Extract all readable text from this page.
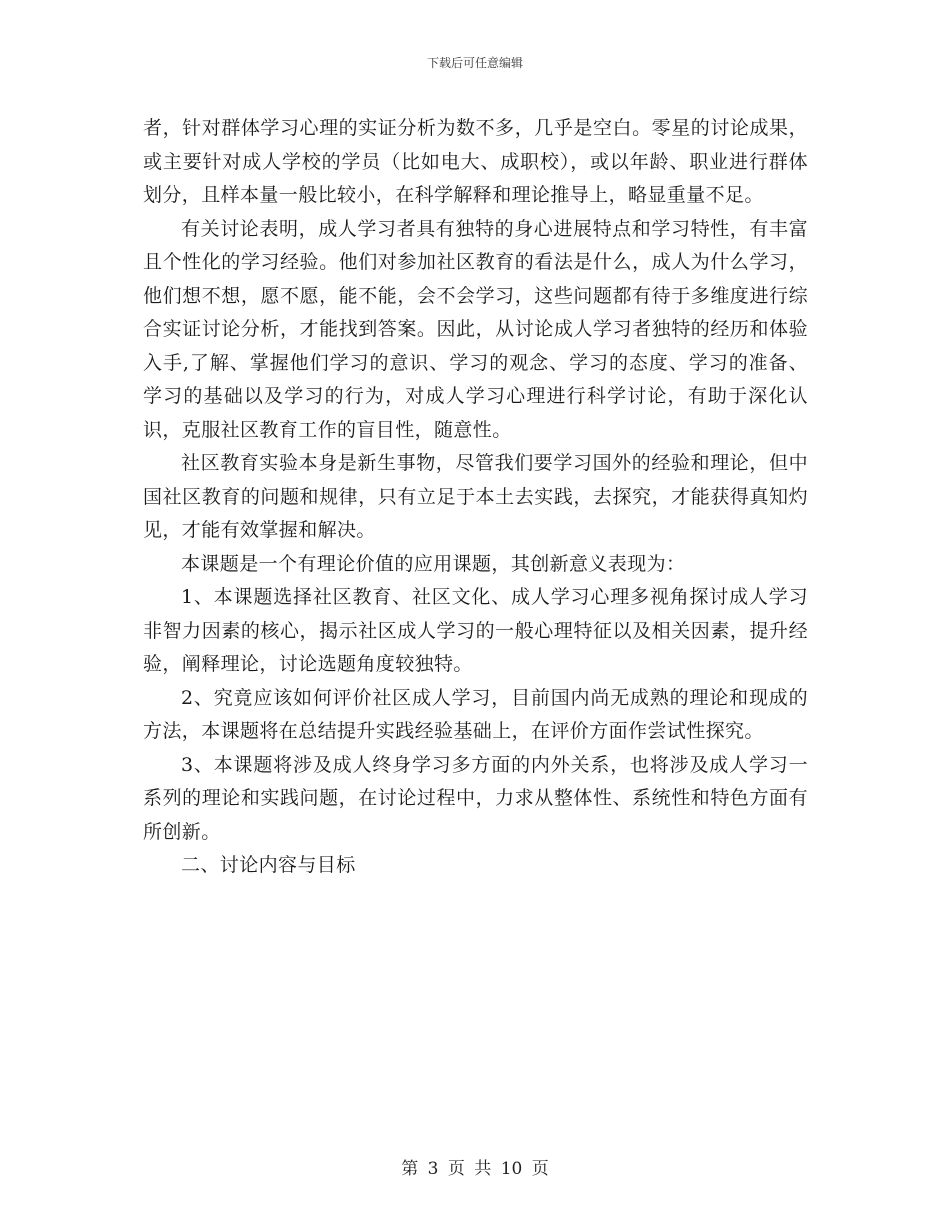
下载后可任意编辑

者，针对群体学习心理的实证分析为数不多，几乎是空白。零星的讨论成果，或主要针对成人学校的学员（比如电大、成职校），或以年龄、职业进行群体划分，且样本量一般比较小，在科学解释和理论推导上，略显重量不足。

有关讨论表明，成人学习者具有独特的身心进展特点和学习特性，有丰富且个性化的学习经验。他们对参加社区教育的看法是什么，成人为什么学习，他们想不想，愿不愿，能不能，会不会学习，这些问题都有待于多维度进行综合实证讨论分析，才能找到答案。因此，从讨论成人学习者独特的经历和体验入手,了解、掌握他们学习的意识、学习的观念、学习的态度、学习的准备、学习的基础以及学习的行为，对成人学习心理进行科学讨论，有助于深化认识，克服社区教育工作的盲目性，随意性。

社区教育实验本身是新生事物，尽管我们要学习国外的经验和理论，但中国社区教育的问题和规律，只有立足于本土去实践，去探究，才能获得真知灼见，才能有效掌握和解决。

本课题是一个有理论价值的应用课题，其创新意义表现为：

1、本课题选择社区教育、社区文化、成人学习心理多视角探讨成人学习非智力因素的核心，揭示社区成人学习的一般心理特征以及相关因素，提升经验，阐释理论，讨论选题角度较独特。

2、究竟应该如何评价社区成人学习，目前国内尚无成熟的理论和现成的方法，本课题将在总结提升实践经验基础上，在评价方面作尝试性探究。

3、本课题将涉及成人终身学习多方面的内外关系，也将涉及成人学习一系列的理论和实践问题，在讨论过程中，力求从整体性、系统性和特色方面有所创新。

二、讨论内容与目标

第 3 页 共 10 页
